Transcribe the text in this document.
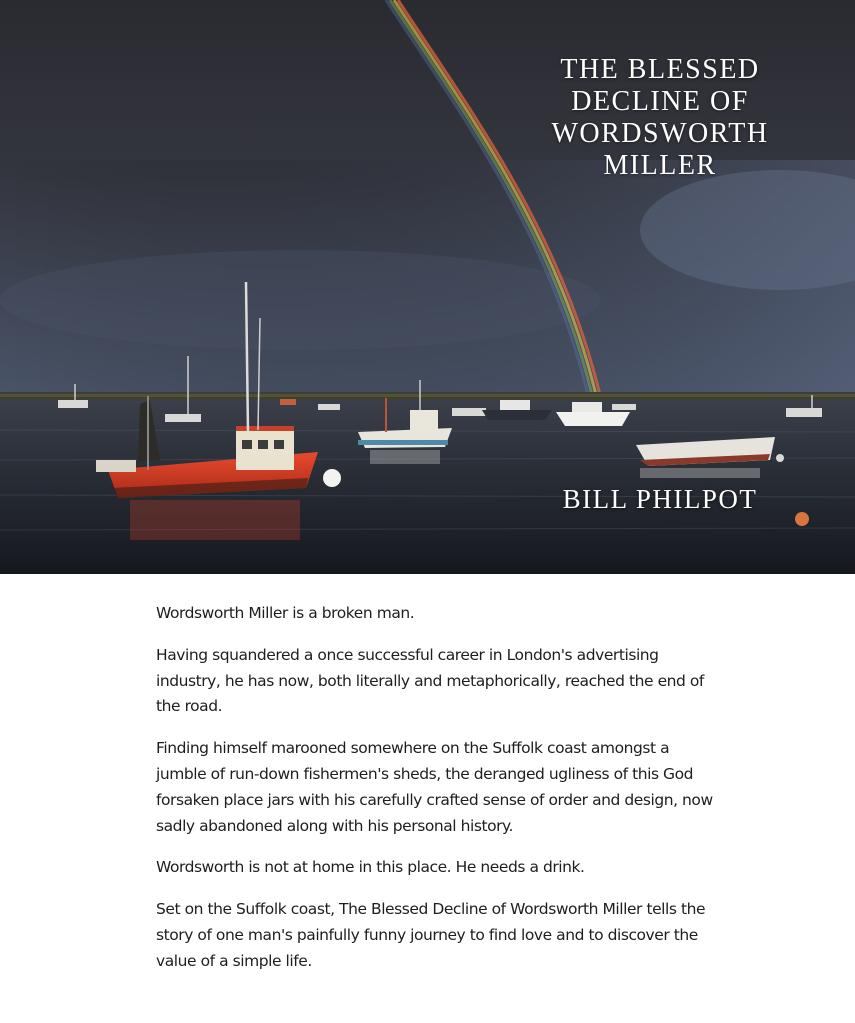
THE BLESSED
DECLINE OF
WORDSWORTH
MILLER
BILL PHILPOT

Wordsworth Miller is a broken man.

Having squandered a once successful career in London's advertising industry, he has now, both literally and metaphorically, reached the end of the road.

Finding himself marooned somewhere on the Suffolk coast amongst a jumble of run-down fishermen's sheds, the deranged ugliness of this God forsaken place jars with his carefully crafted sense of order and design, now sadly abandoned along with his personal history.

Wordsworth is not at home in this place. He needs a drink.

Set on the Suffolk coast, The Blessed Decline of Wordsworth Miller tells the story of one man's painfully funny journey to find love and to discover the value of a simple life.
